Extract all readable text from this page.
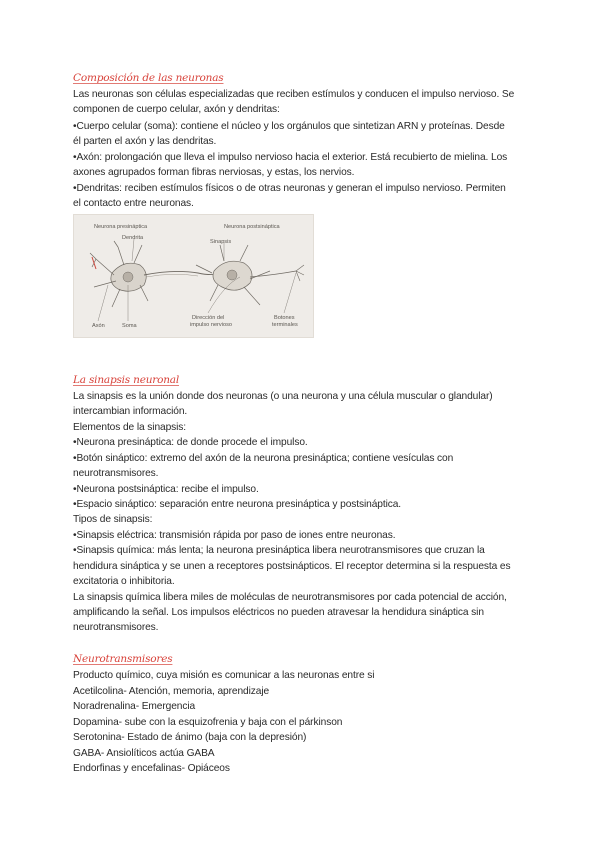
Composición de las neuronas
Las neuronas son células especializadas que reciben estímulos y conducen el impulso nervioso. Se
componen de cuerpo celular, axón y dendritas:
•Cuerpo celular (soma): contiene el núcleo y los orgánulos que sintetizan ARN y proteínas. Desde
él parten el axón y las dendritas.
•Axón: prolongación que lleva el impulso nervioso hacia el exterior. Está recubierto de mielina. Los
axones agrupados forman fibras nerviosas, y estas, los nervios.
•Dendritas: reciben estímulos físicos o de otras neuronas y generan el impulso nervioso. Permiten
el contacto entre neuronas.
Neurona presináptica	Neurona postsináptica
Dendrita
Sinapsis
Axón	Soma
Dirección del
impulso nervioso
Botones
terminales
La sinapsis neuronal
La sinapsis es la unión donde dos neuronas (o una neurona y una célula muscular o glandular)
intercambian información.
Elementos de la sinapsis:
•Neurona presináptica: de donde procede el impulso.
•Botón sináptico: extremo del axón de la neurona presináptica; contiene vesículas con
neurotransmisores.
•Neurona postsináptica: recibe el impulso.
•Espacio sináptico: separación entre neurona presináptica y postsináptica.
Tipos de sinapsis:
•Sinapsis eléctrica: transmisión rápida por paso de iones entre neuronas.
•Sinapsis química: más lenta; la neurona presináptica libera neurotransmisores que cruzan la
hendidura sináptica y se unen a receptores postsinápticos. El receptor determina si la respuesta es
excitatoria o inhibitoria.
La sinapsis química libera miles de moléculas de neurotransmisores por cada potencial de acción,
amplificando la señal. Los impulsos eléctricos no pueden atravesar la hendidura sináptica sin
neurotransmisores.
Neurotransmisores
Producto químico, cuya misión es comunicar a las neuronas entre si
Acetilcolina- Atención, memoria, aprendizaje
Noradrenalina- Emergencia
Dopamina- sube con la esquizofrenia y baja con el párkinson
Serotonina- Estado de ánimo (baja con la depresión)
GABA- Ansiolíticos actúa GABA
Endorfinas y encefalinas- Opiáceos
